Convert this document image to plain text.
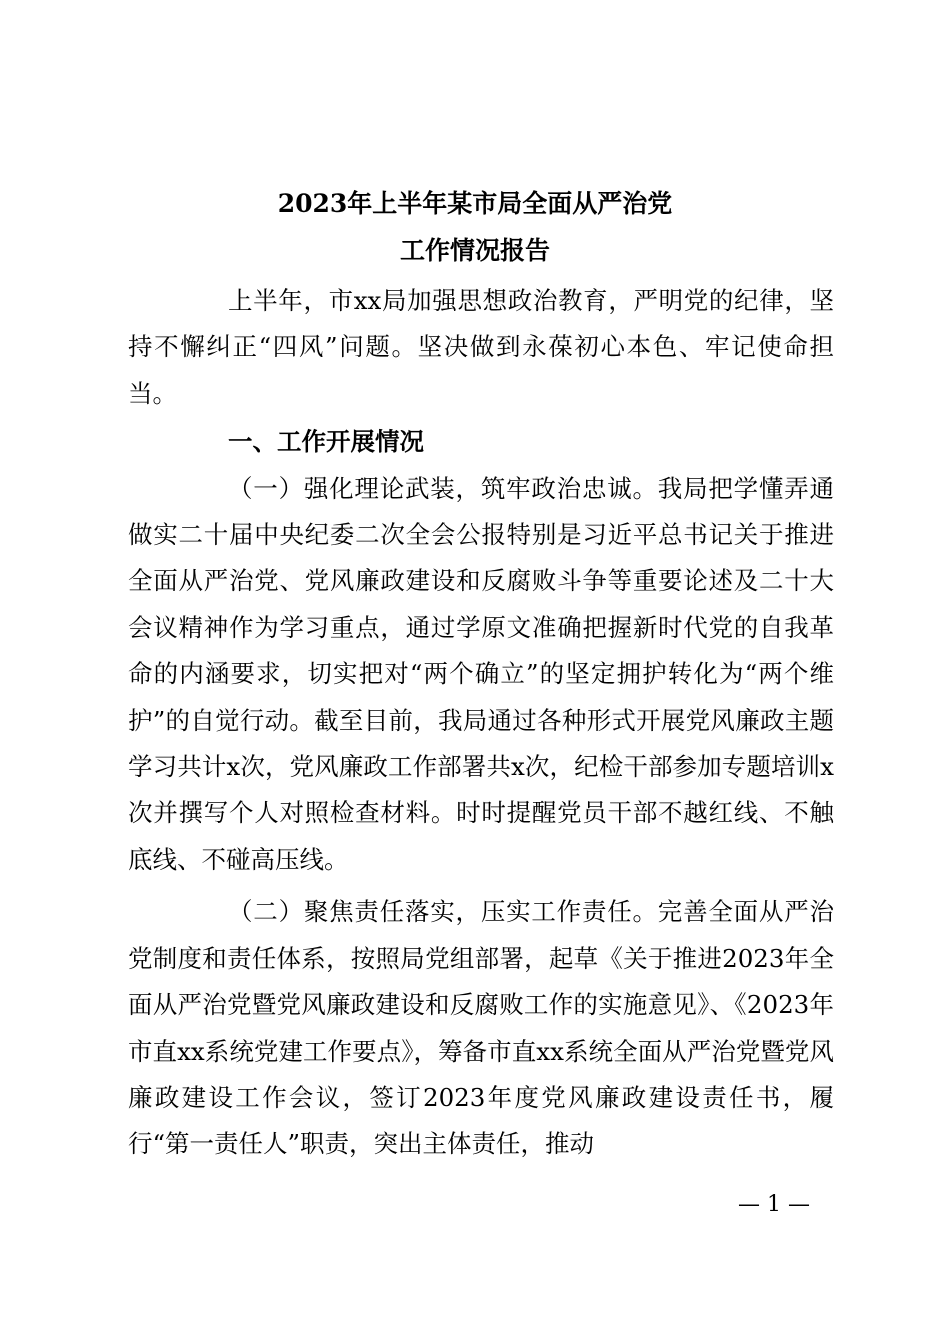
2023年上半年某市局全面从严治党
工作情况报告

上半年，市xx局加强思想政治教育，严明党的纪律，坚持不懈纠正“四风”问题。坚决做到永葆初心本色、牢记使命担当。

一、工作开展情况

（一）强化理论武装，筑牢政治忠诚。我局把学懂弄通做实二十届中央纪委二次全会公报特别是习近平总书记关于推进全面从严治党、党风廉政建设和反腐败斗争等重要论述及二十大会议精神作为学习重点，通过学原文准确把握新时代党的自我革命的内涵要求，切实把对“两个确立”的坚定拥护转化为“两个维护”的自觉行动。截至目前，我局通过各种形式开展党风廉政主题学习共计x次，党风廉政工作部署共x次，纪检干部参加专题培训x次并撰写个人对照检查材料。时时提醒党员干部不越红线、不触底线、不碰高压线。

（二）聚焦责任落实，压实工作责任。完善全面从严治党制度和责任体系，按照局党组部署，起草《关于推进2023年全面从严治党暨党风廉政建设和反腐败工作的实施意见》、《2023年市直xx系统党建工作要点》，筹备市直xx系统全面从严治党暨党风廉政建设工作会议，签订2023年度党风廉政建设责任书，履行“第一责任人”职责，突出主体责任，推动

— 1 —
